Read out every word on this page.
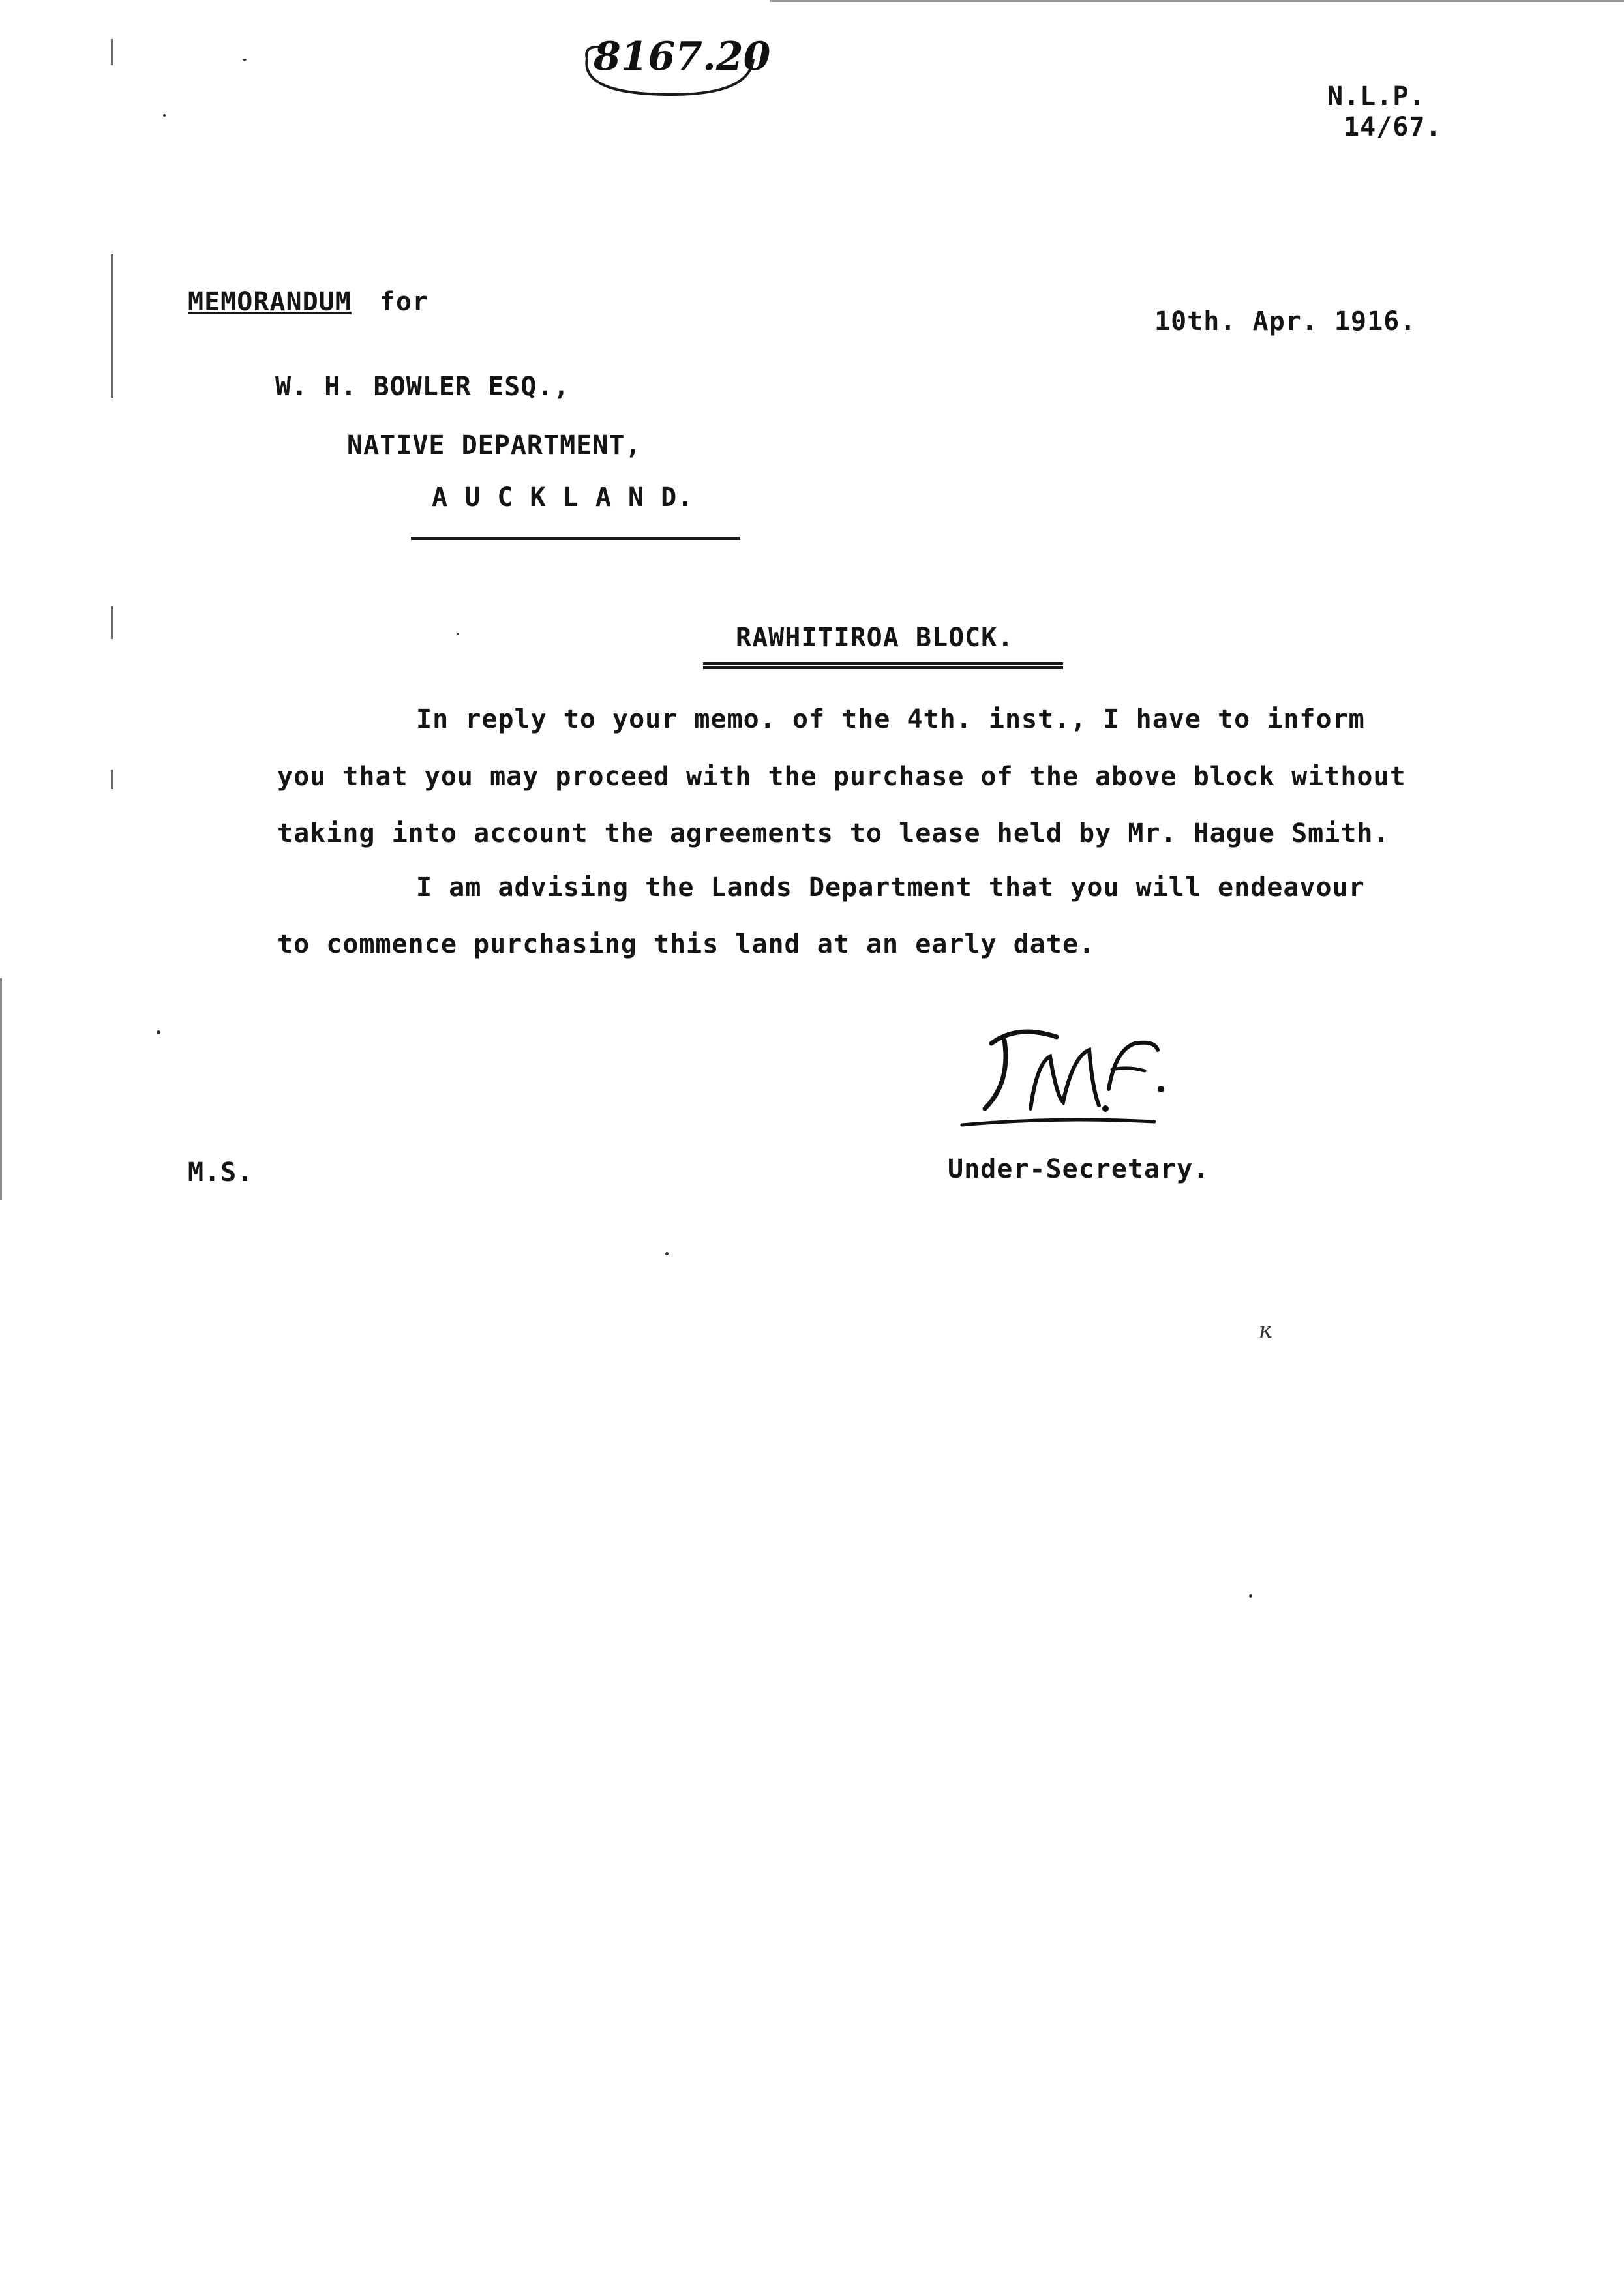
8167.20
N.L.P.
14/67.
MEMORANDUM for
10th. Apr. 1916.
W. H. BOWLER ESQ.,
NATIVE DEPARTMENT,
A U C K L A N D.
RAWHITIROA BLOCK.
In reply to your memo. of the 4th. inst., I have to inform
you that you may proceed with the purchase of the above block without
taking into account the agreements to lease held by Mr. Hague Smith.
I am advising the Lands Department that you will endeavour
to commence purchasing this land at an early date.
Under-Secretary.
M.S.
ĸ
